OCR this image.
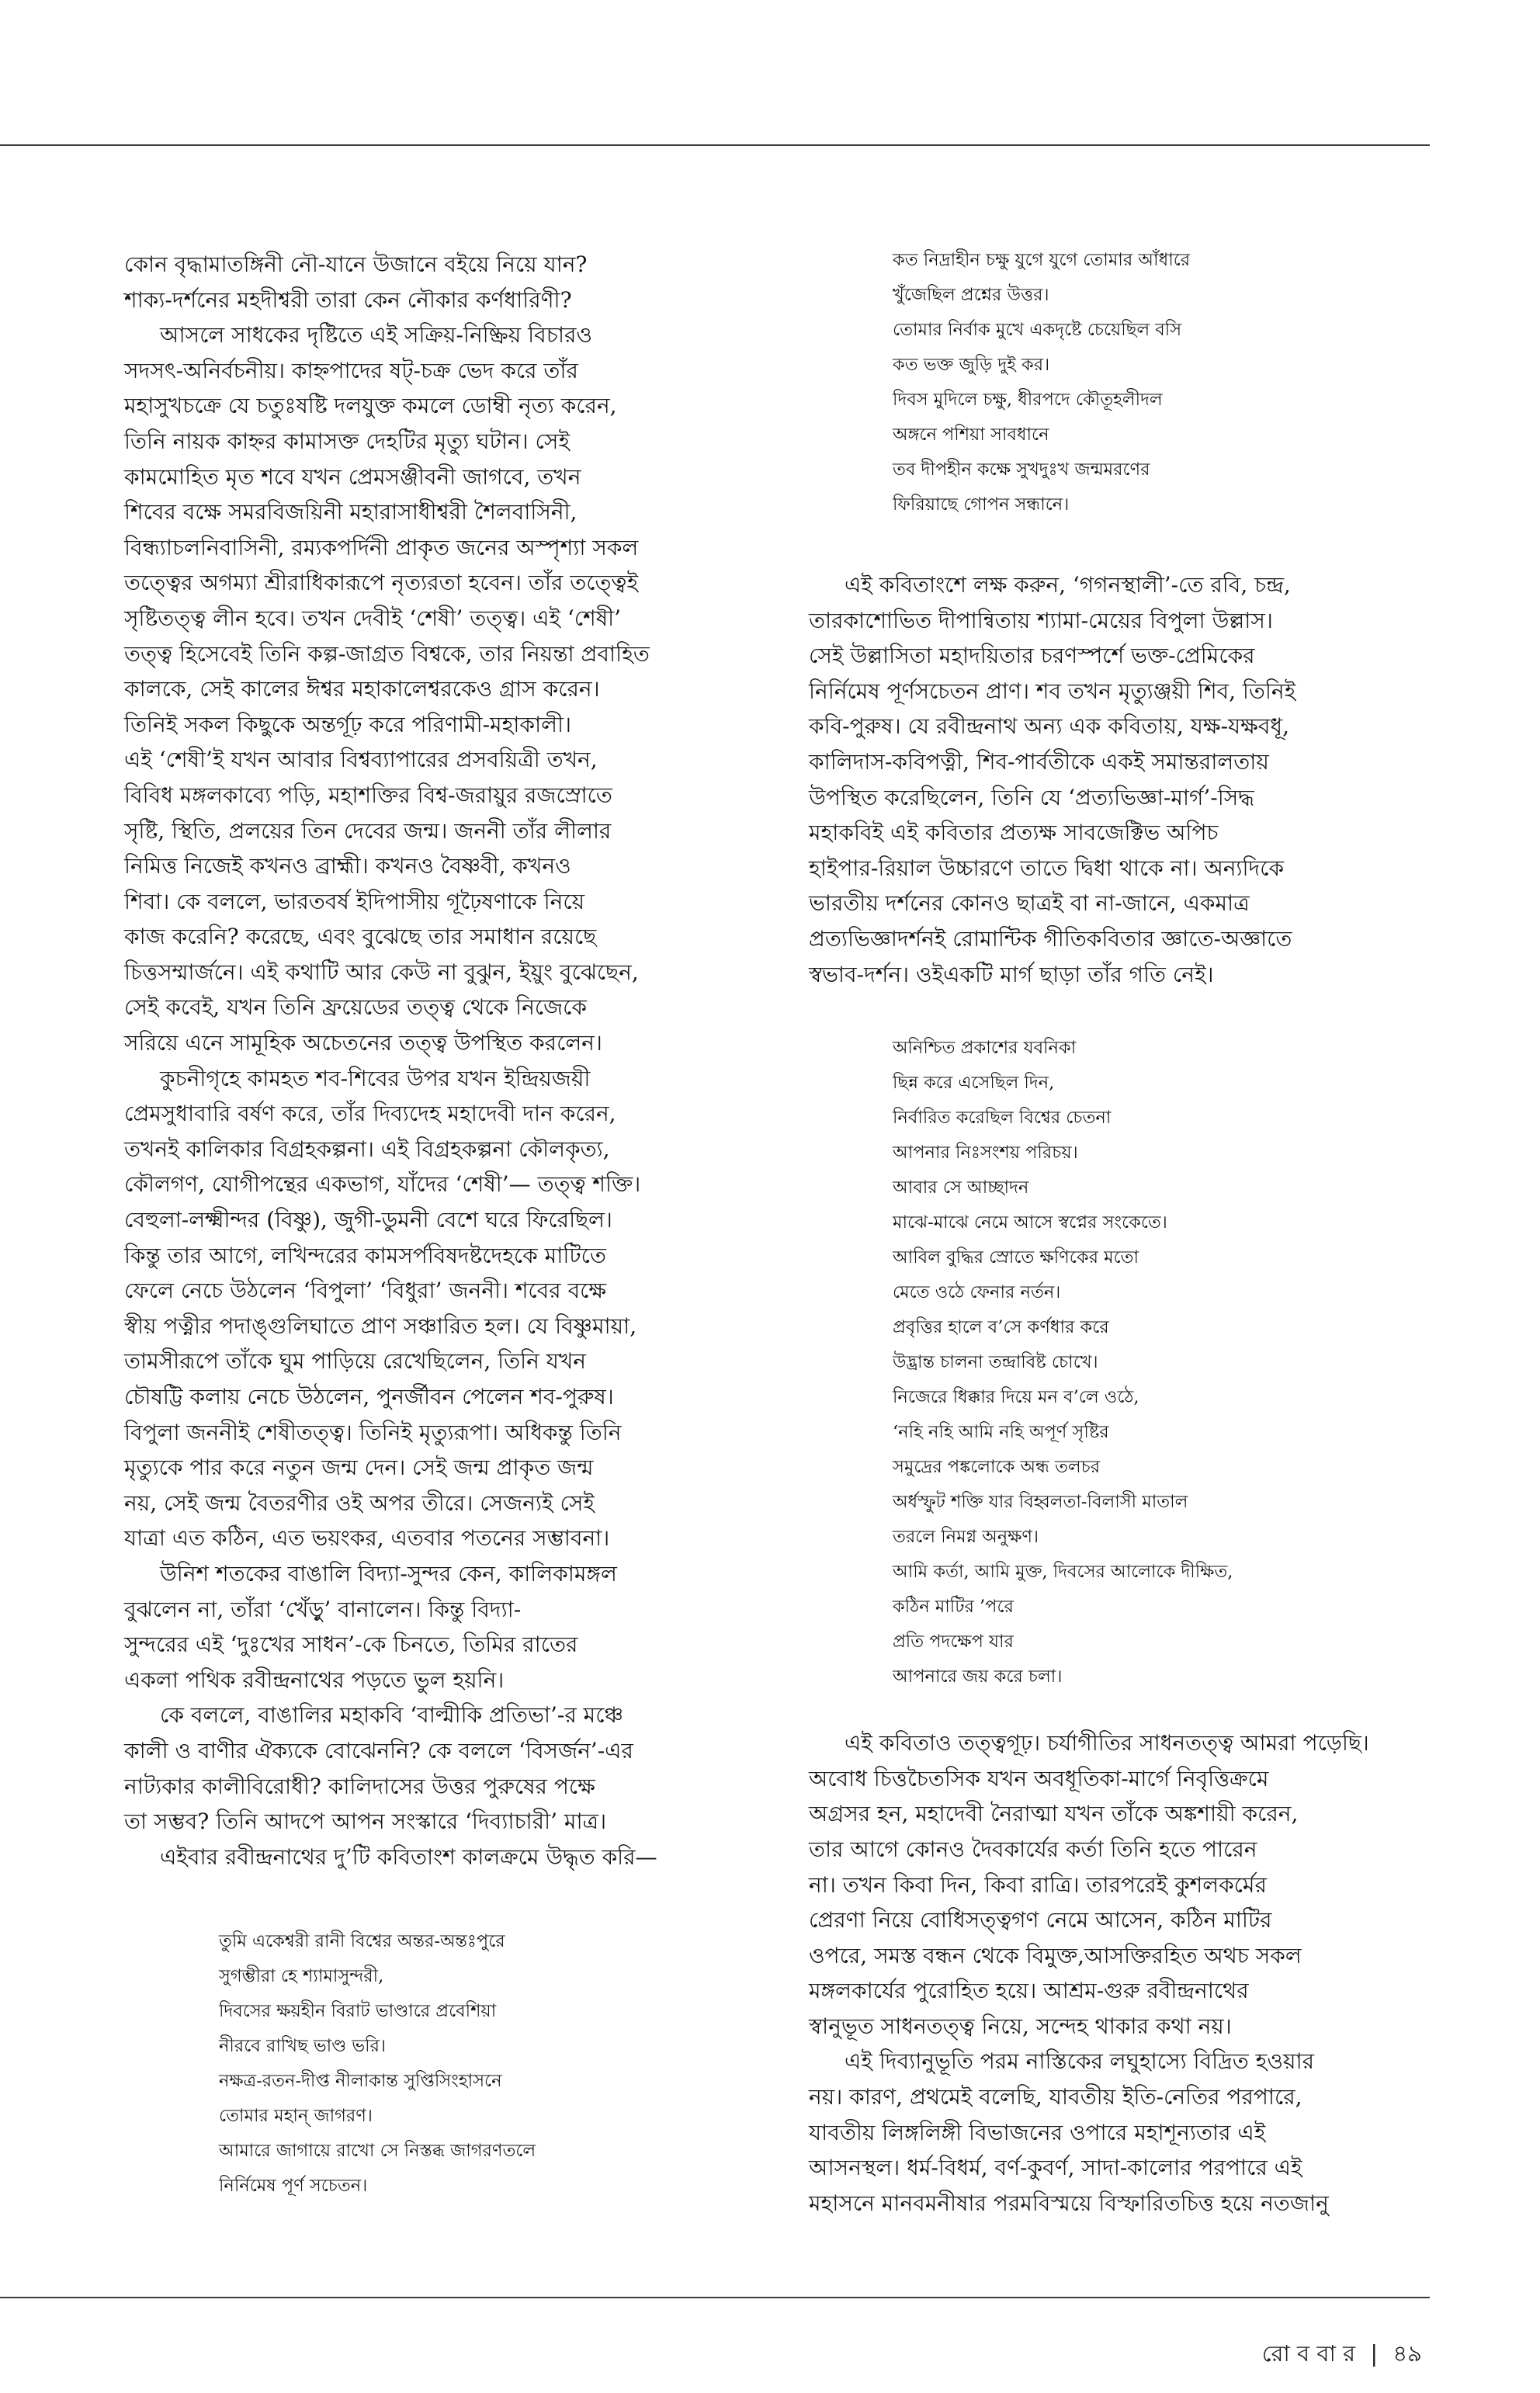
কোন বৃদ্ধামাতঙ্গিনী নৌ-যানে উজানে বইয়ে নিয়ে যান?
শাক্য-দর্শনের মহদীশ্বরী তারা কেন নৌকার কর্ণধারিণী?

আসলে সাধকের দৃষ্টিতে এই সক্রিয়-নিষ্ক্রিয় বিচারও
সদসৎ-অনির্বচনীয়। কাহ্নপাদের ষট্-চক্র ভেদ করে তাঁর
মহাসুখচক্রে যে চতুঃষষ্টি দলযুক্ত কমলে ডোম্বী নৃত্য করেন,
তিনি নায়ক কাহ্নর কামাসক্ত দেহটির মৃত্যু ঘটান। সেই
কামমোহিত মৃত শবে যখন প্রেমসঞ্জীবনী জাগবে, তখন
শিবের বক্ষে সমরবিজয়িনী মহারাসাধীশ্বরী শৈলবাসিনী,
বিন্ধ্যাচলনিবাসিনী, রম্যকপর্দিনী প্রাকৃত জনের অস্পৃশ্যা সকল
তত্ত্বের অগম্যা শ্রীরাধিকারূপে নৃত্যরতা হবেন। তাঁর তত্ত্বেই
সৃষ্টিতত্ত্ব লীন হবে। তখন দেবীই ‘শেষী’ তত্ত্ব। এই ‘শেষী’
তত্ত্ব হিসেবেই তিনি কল্প-জাগ্রত বিশ্বকে, তার নিয়ন্তা প্রবাহিত
কালকে, সেই কালের ঈশ্বর মহাকালেশ্বরকেও গ্রাস করেন।
তিনিই সকল কিছুকে অন্তর্গূঢ় করে পরিণামী-মহাকালী।
এই ‘শেষী’ই যখন আবার বিশ্বব্যাপারের প্রসবয়িত্রী তখন,
বিবিধ মঙ্গলকাব্যে পড়ি, মহাশক্তির বিশ্ব-জরায়ুর রজস্রোতে
সৃষ্টি, স্থিতি, প্রলয়ের তিন দেবের জন্ম। জননী তাঁর লীলার
নিমিত্ত নিজেই কখনও ব্রাহ্মী। কখনও বৈষ্ণবী, কখনও
শিবা। কে বললে, ভারতবর্ষ ইদিপাসীয় গূঢ়ৈষণাকে নিয়ে
কাজ করেনি? করেছে, এবং বুঝেছে তার সমাধান রয়েছে
চিত্তসম্মার্জনে। এই কথাটি আর কেউ না বুঝুন, ইয়ুং বুঝেছেন,
সেই কবেই, যখন তিনি ফ্রয়েডের তত্ত্ব থেকে নিজেকে
সরিয়ে এনে সামূহিক অচেতনের তত্ত্ব উপস্থিত করলেন।

কুচনীগৃহে কামহত শব-শিবের উপর যখন ইন্দ্রিয়জয়ী
প্রেমসুধাবারি বর্ষণ করে, তাঁর দিব্যদেহ মহাদেবী দান করেন,
তখনই কালিকার বিগ্রহকল্পনা। এই বিগ্রহকল্পনা কৌলকৃত্য,
কৌলগণ, যোগীপন্থের একভাগ, যাঁদের ‘শেষী’— তত্ত্ব শক্তি।
বেহুলা-লক্ষ্মীন্দর (বিষ্ণু), জুগী-ডুমনী বেশে ঘরে ফিরেছিল।
কিন্তু তার আগে, লখিন্দরের কামসর্পবিষদষ্টদেহকে মাটিতে
ফেলে নেচে উঠলেন ‘বিপুলা’ ‘বিধুরা’ জননী। শবের বক্ষে
স্বীয় পত্নীর পদাঙ্গুলিঘাতে প্রাণ সঞ্চারিত হল। যে বিষ্ণুমায়া,
তামসীরূপে তাঁকে ঘুম পাড়িয়ে রেখেছিলেন, তিনি যখন
চৌষট্টি কলায় নেচে উঠলেন, পুনর্জীবন পেলেন শব-পুরুষ।
বিপুলা জননীই শেষীতত্ত্ব। তিনিই মৃত্যুরূপা। অধিকন্তু তিনি
মৃত্যুকে পার করে নতুন জন্ম দেন। সেই জন্ম প্রাকৃত জন্ম
নয়, সেই জন্ম বৈতরণীর ওই অপর তীরে। সেজন্যই সেই
যাত্রা এত কঠিন, এত ভয়ংকর, এতবার পতনের সম্ভাবনা।

উনিশ শতকের বাঙালি বিদ্যা-সুন্দর কেন, কালিকামঙ্গল
বুঝলেন না, তাঁরা ‘খেঁড়ু’ বানালেন। কিন্তু বিদ্যা-
সুন্দরের এই ‘দুঃখের সাধন’-কে চিনতে, তিমির রাতের
একলা পথিক রবীন্দ্রনাথের পড়তে ভুল হয়নি।

কে বললে, বাঙালির মহাকবি ‘বাল্মীকি প্রতিভা’-র মঞ্চে
কালী ও বাণীর ঐক্যকে বোঝেননি? কে বললে ‘বিসর্জন’-এর
নাট্যকার কালীবিরোধী? কালিদাসের উত্তর পুরুষের পক্ষে
তা সম্ভব? তিনি আদপে আপন সংস্কারে ‘দিব্যাচারী’ মাত্র।

এইবার রবীন্দ্রনাথের দু’টি কবিতাংশ কালক্রমে উদ্ধৃত করি—

তুমি একেশ্বরী রানী বিশ্বের অন্তর-অন্তঃপুরে
সুগম্ভীরা হে শ্যামাসুন্দরী,
দিবসের ক্ষয়হীন বিরাট ভাণ্ডারে প্রবেশিয়া
নীরবে রাখিছ ভাণ্ড ভরি।
নক্ষত্র-রতন-দীপ্ত নীলাকান্ত সুপ্তিসিংহাসনে
তোমার মহান্ জাগরণ।
আমারে জাগায়ে রাখো সে নিস্তব্ধ জাগরণতলে
নির্নিমেষ পূর্ণ সচেতন।

কত নিদ্রাহীন চক্ষু যুগে যুগে তোমার আঁধারে
খুঁজেছিল প্রশ্নের উত্তর।
তোমার নির্বাক মুখে একদৃষ্টে চেয়েছিল বসি
কত ভক্ত জুড়ি দুই কর।
দিবস মুদিলে চক্ষু, ধীরপদে কৌতূহলীদল
অঙ্গনে পশিয়া সাবধানে
তব দীপহীন কক্ষে সুখদুঃখ জন্মমরণের
ফিরিয়াছে গোপন সন্ধানে।

এই কবিতাংশে লক্ষ করুন, ‘গগনস্থালী’-তে রবি, চন্দ্র,
তারকাশোভিত দীপান্বিতায় শ্যামা-মেয়ের বিপুলা উল্লাস।
সেই উল্লাসিতা মহাদয়িতার চরণস্পর্শে ভক্ত-প্রেমিকের
নির্নিমেষ পূর্ণসচেতন প্রাণ। শব তখন মৃত্যুঞ্জয়ী শিব, তিনিই
কবি-পুরুষ। যে রবীন্দ্রনাথ অন্য এক কবিতায়, যক্ষ-যক্ষবধূ,
কালিদাস-কবিপত্নী, শিব-পার্বতীকে একই সমান্তরালতায়
উপস্থিত করেছিলেন, তিনি যে ‘প্রত্যভিজ্ঞা-মার্গ’-সিদ্ধ
মহাকবিই এই কবিতার প্রত্যক্ষ সাবজেক্টিভ অপিচ
হাইপার-রিয়াল উচ্চারণে তাতে দ্বিধা থাকে না। অন্যদিকে
ভারতীয় দর্শনের কোনও ছাত্রই বা না-জানে, একমাত্র
প্রত্যভিজ্ঞাদর্শনই রোমান্টিক গীতিকবিতার জ্ঞাতে-অজ্ঞাতে
স্বভাব-দর্শন। ওইএকটি মার্গ ছাড়া তাঁর গতি নেই।

অনিশ্চিত প্রকাশের যবনিকা
ছিন্ন করে এসেছিল দিন,
নির্বারিত করেছিল বিশ্বের চেতনা
আপনার নিঃসংশয় পরিচয়।
আবার সে আচ্ছাদন
মাঝে-মাঝে নেমে আসে স্বপ্নের সংকেতে।
আবিল বুদ্ধির স্রোতে ক্ষণিকের মতো
মেতে ওঠে ফেনার নর্তন।
প্রবৃত্তির হালে ব’সে কর্ণধার করে
উদ্ভ্রান্ত চালনা তন্দ্রাবিষ্ট চোখে।
নিজেরে ধিক্কার দিয়ে মন ব’লে ওঠে,
‘নহি নহি আমি নহি অপূর্ণ সৃষ্টির
সমুদ্রের পঙ্কলোকে অন্ধ তলচর
অর্ধস্ফুট শক্তি যার বিহ্বলতা-বিলাসী মাতাল
তরলে নিমগ্ন অনুক্ষণ।
আমি কর্তা, আমি মুক্ত, দিবসের আলোকে দীক্ষিত,
কঠিন মাটির ’পরে
প্রতি পদক্ষেপ যার
আপনারে জয় করে চলা।

এই কবিতাও তত্ত্বগূঢ়। চর্যাগীতির সাধনতত্ত্ব আমরা পড়েছি।
অবোধ চিত্তচৈতসিক যখন অবধূতিকা-মার্গে নিবৃত্তিক্রমে
অগ্রসর হন, মহাদেবী নৈরাত্মা যখন তাঁকে অঙ্কশায়ী করেন,
তার আগে কোনও দৈবকার্যের কর্তা তিনি হতে পারেন
না। তখন কিবা দিন, কিবা রাত্রি। তারপরেই কুশলকর্মের
প্রেরণা নিয়ে বোধিসত্ত্বগণ নেমে আসেন, কঠিন মাটির
ওপরে, সমস্ত বন্ধন থেকে বিমুক্ত,আসক্তিরহিত অথচ সকল
মঙ্গলকার্যের পুরোহিত হয়ে। আশ্রম-গুরু রবীন্দ্রনাথের
স্বানুভূত সাধনতত্ত্ব নিয়ে, সন্দেহ থাকার কথা নয়।

এই দিব্যানুভূতি পরম নাস্তিকের লঘুহাস্যে বিদ্রিত হওয়ার
নয়। কারণ, প্রথমেই বলেছি, যাবতীয় ইতি-নেতির পরপারে,
যাবতীয় লিঙ্গলিঙ্গী বিভাজনের ওপারে মহাশূন্যতার এই
আসনস্থল। ধর্ম-বিধর্ম, বর্ণ-কুবর্ণ, সাদা-কালোর পরপারে এই
মহাসনে মানবমনীষার পরমবিস্ময়ে বিস্ফারিতচিত্ত হয়ে নতজানু

রো ব বা র | ৪৯
